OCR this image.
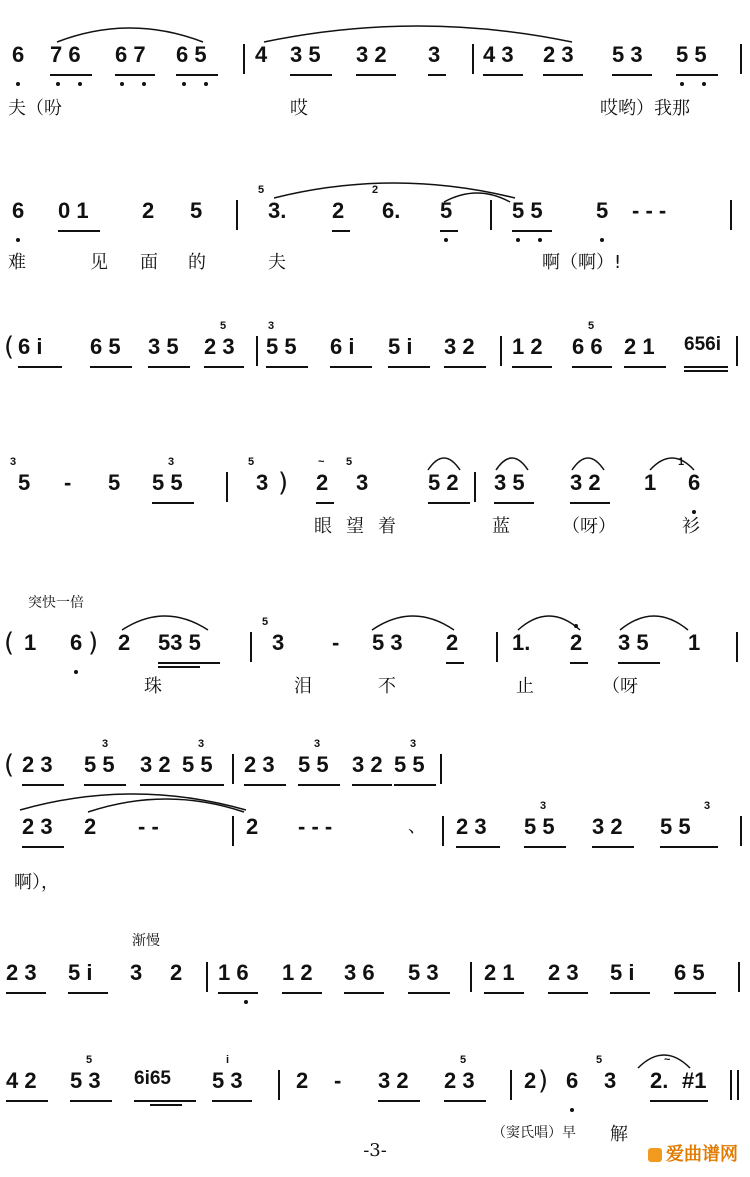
6 7 6 6 7 6 5 4 3 5 3 2 3 4 3 2 3 5 3 5 5
夫（吩	哎	哎哟）我那
6 0 1 2 5
5
3. 2
2
6. 5	5 5 5 - - -
难	见 面 的	夫	啊（啊）!
( 6 i 6 5 3 5
5
2 3
3
5 5 6 i 5 i 3 2 1 2
5
6 6 2 1 656i
3
5 - 5
3
5 5
5
3 )
~
2
5
3	5 2 3 5 3 2 1
1
6
眼 望 着	蓝	（呀）	衫
突快一倍
( 1 6 ) 2 53 5
5
3 - 5 3 2 1. 2 3 5 1
珠	泪	不	止	（呀
( 2 3
3
5 5 3 2
3
5 5 2 3
3
5 5 3 2
3
5 5
2 3 2 - -	2 - - -	、 2 3
3
5 5 3 2
3
5 5
啊），
渐慢
2 3 5 i 3 2 1 6 1 2 3 6 5 3 2 1 2 3 5 i 6 5
4 2
5
5 3 6i65
i
5 3 2 - 3 2
5
2 3 2 ) 6
5
3
~
2. #1
（窦氏唱）早 解
-3-	爱曲谱网
